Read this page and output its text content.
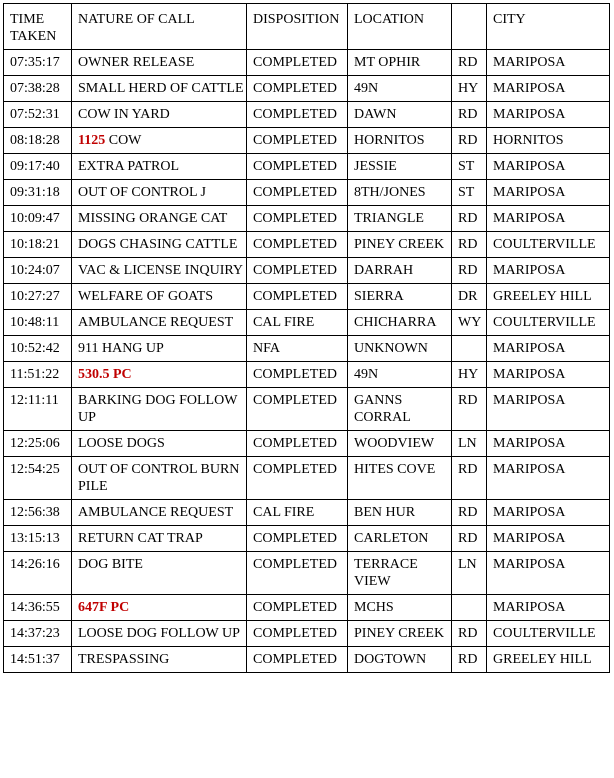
TIME TAKEN	NATURE OF CALL	DISPOSITION	LOCATION		CITY
07:35:17	OWNER RELEASE	COMPLETED	MT OPHIR	RD	MARIPOSA
07:38:28	SMALL HERD OF CATTLE	COMPLETED	49N	HY	MARIPOSA
07:52:31	COW IN YARD	COMPLETED	DAWN	RD	MARIPOSA
08:18:28	1125 COW	COMPLETED	HORNITOS	RD	HORNITOS
09:17:40	EXTRA PATROL	COMPLETED	JESSIE	ST	MARIPOSA
09:31:18	OUT OF CONTROL J	COMPLETED	8TH/JONES	ST	MARIPOSA
10:09:47	MISSING ORANGE CAT	COMPLETED	TRIANGLE	RD	MARIPOSA
10:18:21	DOGS CHASING CATTLE	COMPLETED	PINEY CREEK	RD	COULTERVILLE
10:24:07	VAC & LICENSE INQUIRY	COMPLETED	DARRAH	RD	MARIPOSA
10:27:27	WELFARE OF GOATS	COMPLETED	SIERRA	DR	GREELEY HILL
10:48:11	AMBULANCE REQUEST	CAL FIRE	CHICHARRA	WY	COULTERVILLE
10:52:42	911 HANG UP	NFA	UNKNOWN		MARIPOSA
11:51:22	530.5 PC	COMPLETED	49N	HY	MARIPOSA
12:11:11	BARKING DOG FOLLOW UP	COMPLETED	GANNS CORRAL	RD	MARIPOSA
12:25:06	LOOSE DOGS	COMPLETED	WOODVIEW	LN	MARIPOSA
12:54:25	OUT OF CONTROL BURN PILE	COMPLETED	HITES COVE	RD	MARIPOSA
12:56:38	AMBULANCE REQUEST	CAL FIRE	BEN HUR	RD	MARIPOSA
13:15:13	RETURN CAT TRAP	COMPLETED	CARLETON	RD	MARIPOSA
14:26:16	DOG BITE	COMPLETED	TERRACE VIEW	LN	MARIPOSA
14:36:55	647F PC	COMPLETED	MCHS		MARIPOSA
14:37:23	LOOSE DOG FOLLOW UP	COMPLETED	PINEY CREEK	RD	COULTERVILLE
14:51:37	TRESPASSING	COMPLETED	DOGTOWN	RD	GREELEY HILL
